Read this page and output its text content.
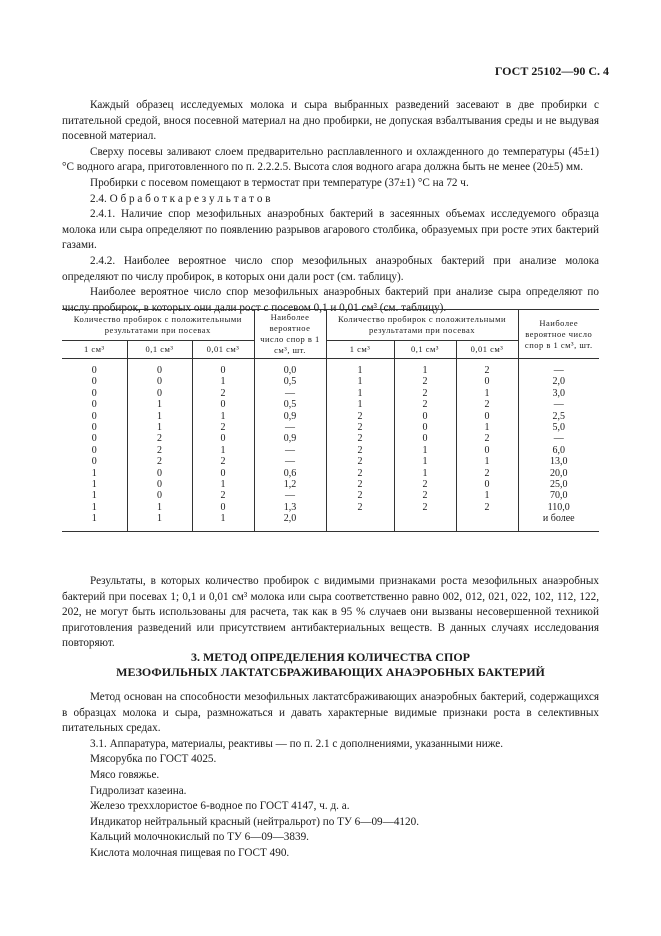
ГОСТ 25102—90 С. 4

Каждый образец исследуемых молока и сыра выбранных разведений засевают в две пробирки с питательной средой, внося посевной материал на дно пробирки, не допуская взбалтывания среды и не выдувая посевной материал.

Сверху посевы заливают слоем предварительно расплавленного и охлажденного до температуры (45±1) °С водного агара, приготовленного по п. 2.2.2.5. Высота слоя водного агара должна быть не менее (20±5) мм.

Пробирки с посевом помещают в термостат при температуре (37±1) °С на 72 ч.

2.4. О б р а б о т к а р е з у л ь т а т о в

2.4.1. Наличие спор мезофильных анаэробных бактерий в засеянных объемах исследуемого образца молока или сыра определяют по появлению разрывов агарового столбика, образуемых при росте этих бактерий газами.

2.4.2. Наиболее вероятное число спор мезофильных анаэробных бактерий при анализе молока определяют по числу пробирок, в которых они дали рост (см. таблицу).

Наиболее вероятное число спор мезофильных анаэробных бактерий при анализе сыра определяют по числу пробирок, в которых они дали рост с посевом 0,1 и 0,01 см³ (см. таблицу).

Количество пробирок с положительными результатами при посевах			Наиболее вероятное число спор в 1 см³, шт.	Количество пробирок с положительными результатами при посевах			Наиболее вероятное число спор в 1 см³, шт.
1 см³	0,1 см³	0,01 см³		1 см³	0,1 см³	0,01 см³	
0	0	0	0,0	1	1	2	—
0	0	1	0,5	1	2	0	2,0
0	0	2	—	1	2	1	3,0
0	1	0	0,5	1	2	2	—
0	1	1	0,9	2	0	0	2,5
0	1	2	—	2	0	1	5,0
0	2	0	0,9	2	0	2	—
0	2	1	—	2	1	0	6,0
0	2	2	—	2	1	1	13,0
1	0	0	0,6	2	1	2	20,0
1	0	1	1,2	2	2	0	25,0
1	0	2	—	2	2	1	70,0
1	1	0	1,3	2	2	2	110,0
1	1	1	2,0				и более

Результаты, в которых количество пробирок с видимыми признаками роста мезофильных анаэробных бактерий при посевах 1; 0,1 и 0,01 см³ молока или сыра соответственно равно 002, 012, 021, 022, 102, 112, 122, 202, не могут быть использованы для расчета, так как в 95 % случаев они вызваны несовершенной техникой приготовления разведений или присутствием антибактериальных веществ. В данных случаях исследования повторяют.

3. МЕТОД ОПРЕДЕЛЕНИЯ КОЛИЧЕСТВА СПОР
МЕЗОФИЛЬНЫХ ЛАКТАТСБРАЖИВАЮЩИХ АНАЭРОБНЫХ БАКТЕРИЙ

Метод основан на способности мезофильных лактатсбраживающих анаэробных бактерий, содержащихся в образцах молока и сыра, размножаться и давать характерные видимые признаки роста в селективных питательных средах.

3.1. Аппаратура, материалы, реактивы — по п. 2.1 с дополнениями, указанными ниже.

Мясорубка по ГОСТ 4025.

Мясо говяжье.

Гидролизат казеина.

Железо треххлористое 6-водное по ГОСТ 4147, ч. д. а.

Индикатор нейтральный красный (нейтральрот) по ТУ 6—09—4120.

Кальций молочнокислый по ТУ 6—09—3839.

Кислота молочная пищевая по ГОСТ 490.
